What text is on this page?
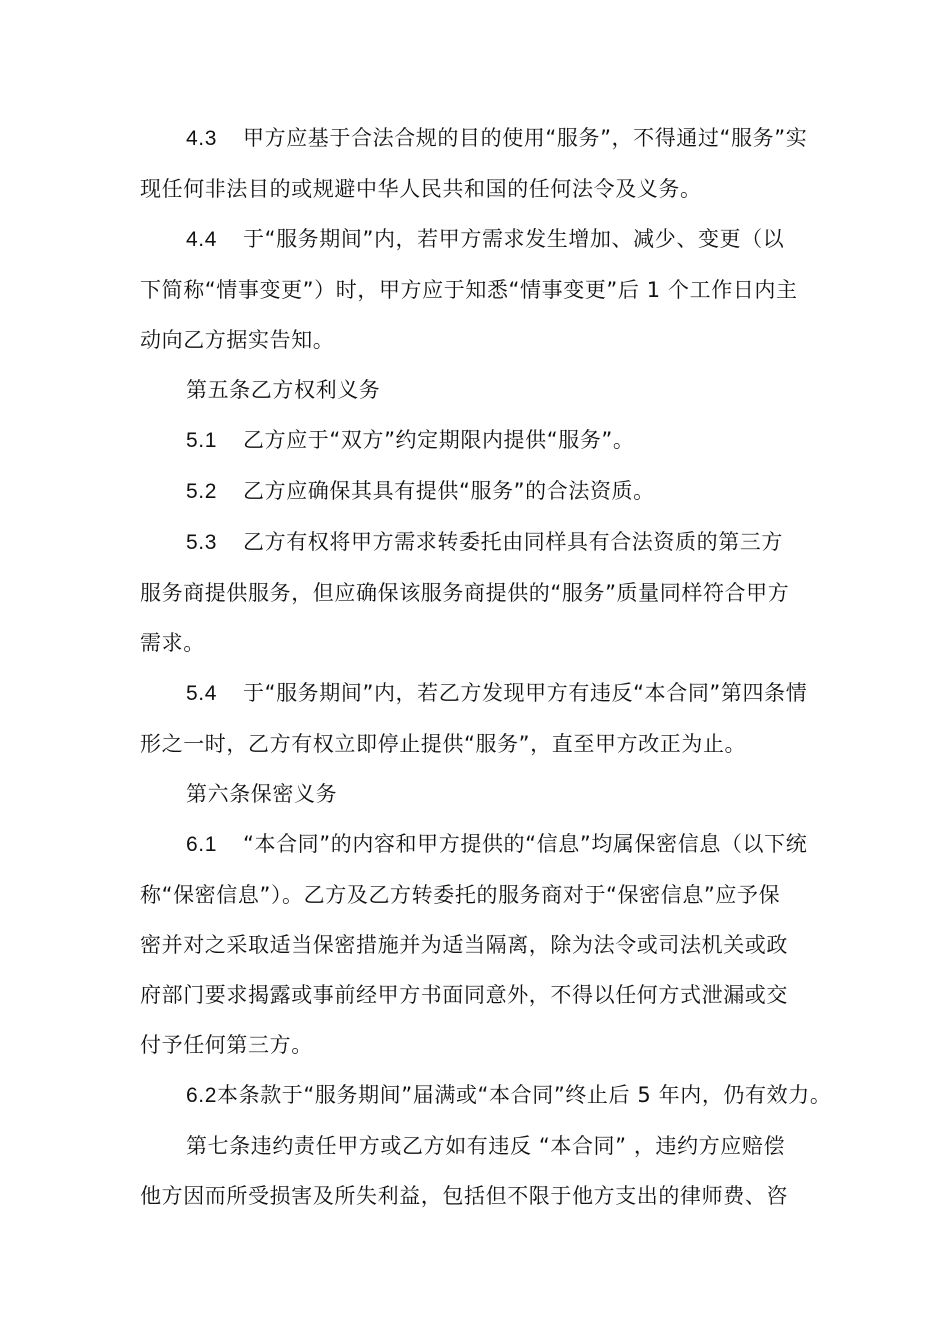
4.3 甲方应基于合法合规的目的使用“服务”，不得通过“服务”实
现任何非法目的或规避中华人民共和国的任何法令及义务。
4.4 于“服务期间”内，若甲方需求发生增加、减少、变更（以
下简称“情事变更”）时，甲方应于知悉“情事变更”后 1 个工作日内主
动向乙方据实告知。
第五条乙方权利义务
5.1 乙方应于“双方”约定期限内提供“服务”。
5.2 乙方应确保其具有提供“服务”的合法资质。
5.3 乙方有权将甲方需求转委托由同样具有合法资质的第三方
服务商提供服务，但应确保该服务商提供的“服务”质量同样符合甲方
需求。
5.4 于“服务期间”内，若乙方发现甲方有违反“本合同”第四条情
形之一时，乙方有权立即停止提供“服务”，直至甲方改正为止。
第六条保密义务
6.1 “本合同”的内容和甲方提供的“信息”均属保密信息（以下统
称“保密信息”）。乙方及乙方转委托的服务商对于“保密信息”应予保
密并对之采取适当保密措施并为适当隔离，除为法令或司法机关或政
府部门要求揭露或事前经甲方书面同意外，不得以任何方式泄漏或交
付予任何第三方。
6.2本条款于“服务期间”届满或“本合同”终止后 5 年内，仍有效力。
第七条违约责任甲方或乙方如有违反 “本合同” ，违约方应赔偿
他方因而所受损害及所失利益，包括但不限于他方支出的律师费、咨
